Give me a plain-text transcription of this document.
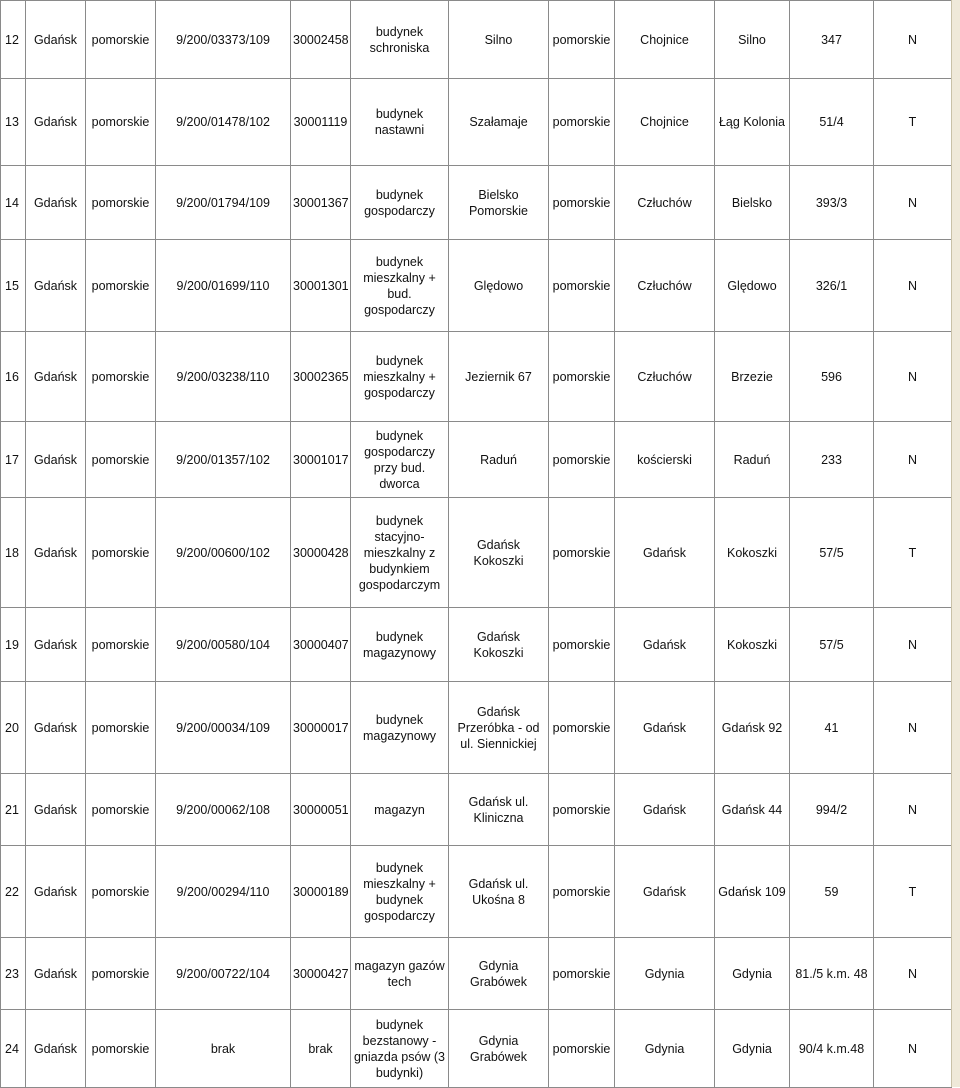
12	Gdańsk	pomorskie	9/200/03373/109	30002458	budynek schroniska	Silno	pomorskie	Chojnice	Silno	347	N
13	Gdańsk	pomorskie	9/200/01478/102	30001119	budynek nastawni	Szałamaje	pomorskie	Chojnice	Łąg Kolonia	51/4	T
14	Gdańsk	pomorskie	9/200/01794/109	30001367	budynek gospodarczy	Bielsko Pomorskie	pomorskie	Człuchów	Bielsko	393/3	N
15	Gdańsk	pomorskie	9/200/01699/110	30001301	budynek mieszkalny + bud. gospodarczy	Ględowo	pomorskie	Człuchów	Ględowo	326/1	N
16	Gdańsk	pomorskie	9/200/03238/110	30002365	budynek mieszkalny + gospodarczy	Jeziernik 67	pomorskie	Człuchów	Brzezie	596	N
17	Gdańsk	pomorskie	9/200/01357/102	30001017	budynek gospodarczy przy bud. dworca	Raduń	pomorskie	kościerski	Raduń	233	N
18	Gdańsk	pomorskie	9/200/00600/102	30000428	budynek stacyjno-mieszkalny z budynkiem gospodarczym	Gdańsk Kokoszki	pomorskie	Gdańsk	Kokoszki	57/5	T
19	Gdańsk	pomorskie	9/200/00580/104	30000407	budynek magazynowy	Gdańsk Kokoszki	pomorskie	Gdańsk	Kokoszki	57/5	N
20	Gdańsk	pomorskie	9/200/00034/109	30000017	budynek magazynowy	Gdańsk Przeróbka - od ul. Siennickiej	pomorskie	Gdańsk	Gdańsk 92	41	N
21	Gdańsk	pomorskie	9/200/00062/108	30000051	magazyn	Gdańsk ul. Kliniczna	pomorskie	Gdańsk	Gdańsk 44	994/2	N
22	Gdańsk	pomorskie	9/200/00294/110	30000189	budynek mieszkalny + budynek gospodarczy	Gdańsk ul. Ukośna 8	pomorskie	Gdańsk	Gdańsk 109	59	T
23	Gdańsk	pomorskie	9/200/00722/104	30000427	magazyn gazów tech	Gdynia Grabówek	pomorskie	Gdynia	Gdynia	81./5 k.m. 48	N
24	Gdańsk	pomorskie	brak	brak	budynek bezstanowy - gniazda psów (3 budynki)	Gdynia Grabówek	pomorskie	Gdynia	Gdynia	90/4 k.m.48	N
